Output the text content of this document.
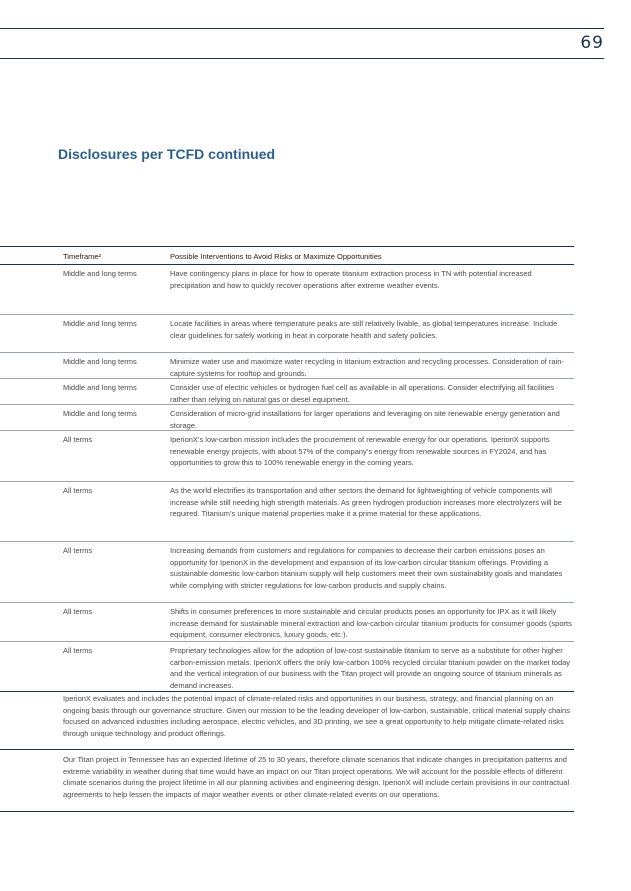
69
Disclosures per TCFD continued
Timeframe²	Possible Interventions to Avoid Risks or Maximize Opportunities
Middle and long terms	Have contingency plans in place for how to operate titanium extraction process in TN with potential increased precipitation and how to quickly recover operations after extreme weather events.
Middle and long terms	Locate facilities in areas where temperature peaks are still relatively livable, as global temperatures increase. Include clear guidelines for safely working in heat in corporate health and safety policies.
Middle and long terms	Minimize water use and maximize water recycling in titanium extraction and recycling processes. Consideration of rain-capture systems for rooftop and grounds.
Middle and long terms	Consider use of electric vehicles or hydrogen fuel cell as available in all operations. Consider electrifying all facilities rather than relying on natural gas or diesel equipment.
Middle and long terms	Consideration of micro-grid installations for larger operations and leveraging on site renewable energy generation and storage.
All terms	IperionX’s low-carbon mission includes the procurement of renewable energy for our operations. IperionX supports renewable energy projects, with about 57% of the company’s energy from renewable sources in FY2024, and has opportunities to grow this to 100% renewable energy in the coming years.
All terms	As the world electrifies its transportation and other sectors the demand for lightweighting of vehicle components will increase while still needing high strength materials. As green hydrogen production increases more electrolyzers will be required. Titanium’s unique material properties make it a prime material for these applications.
All terms	Increasing demands from customers and regulations for companies to decrease their carbon emissions poses an opportunity for IperionX in the development and expansion of its low-carbon circular titanium offerings. Providing a sustainable domestic low-carbon titanium supply will help customers meet their own sustainability goals and mandates while complying with stricter regulations for low-carbon products and supply chains.
All terms	Shifts in consumer preferences to more sustainable and circular products poses an opportunity for IPX as it will likely increase demand for sustainable mineral extraction and low-carbon circular titanium products for consumer goods (sports equipment, consumer electronics, luxury goods, etc.).
All terms	Proprietary technologies allow for the adoption of low-cost sustainable titanium to serve as a substitute for other higher carbon-emission metals. IperionX offers the only low-carbon 100% recycled circular titanium powder on the market today and the vertical integration of our business with the Titan project will provide an ongoing source of titanium minerals as demand increases.
IperionX evaluates and includes the potential impact of climate-related risks and opportunities in our business, strategy, and financial planning on an ongoing basis through our governance structure. Given our mission to be the leading developer of low-carbon, sustainable, critical material supply chains focused on advanced industries including aerospace, electric vehicles, and 3D printing, we see a great opportunity to help mitigate climate-related risks through unique technology and product offerings.
Our Titan project in Tennessee has an expected lifetime of 25 to 30 years, therefore climate scenarios that indicate changes in precipitation patterns and extreme variability in weather during that time would have an impact on our Titan project operations. We will account for the possible effects of different climate scenarios during the project lifetime in all our planning activities and engineering design. IperionX will include certain provisions in our contractual agreements to help lessen the impacts of major weather events or other climate-related events on our operations.
